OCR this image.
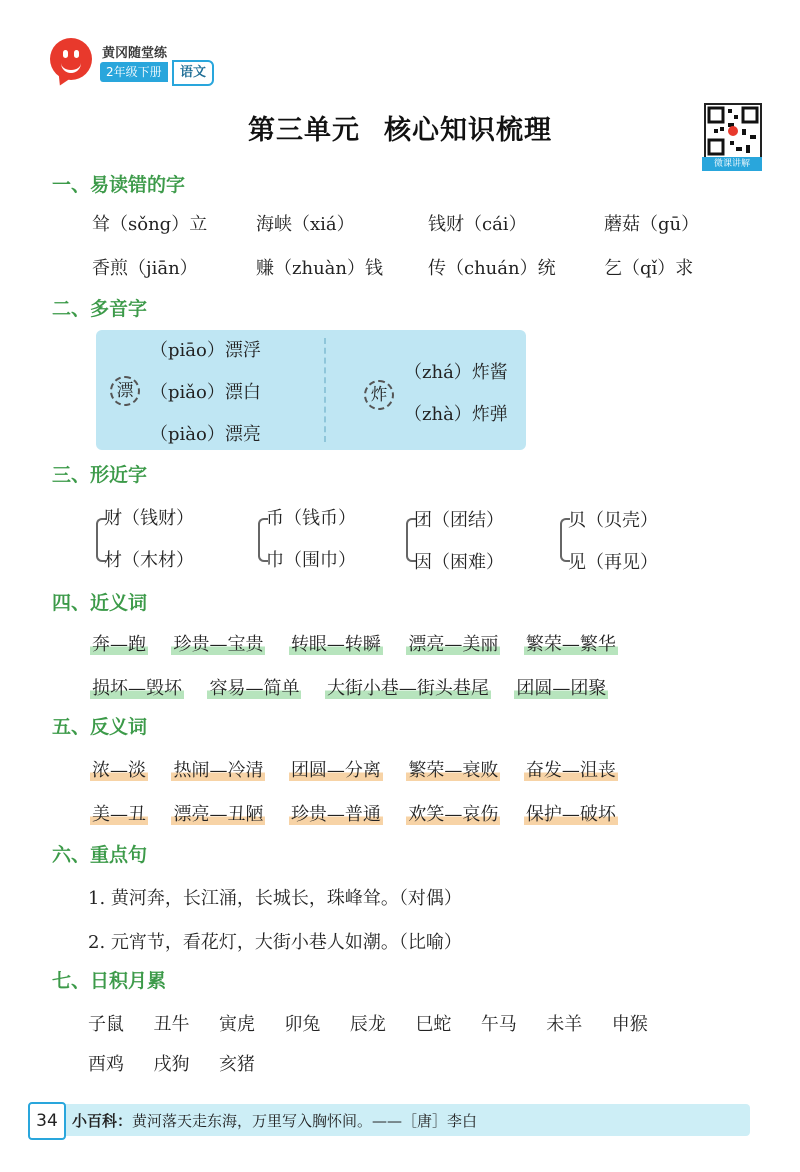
黄冈随堂练
2年级下册	语文
第三单元 核心知识梳理
微课讲解
一、易读错的字
耸（sǒng）立	海峡（xiá）	钱财（cái）	蘑菇（gū）
香煎（jiān）	赚（zhuàn）钱	传（chuán）统	乞（qǐ）求
二、多音字
漂
（piāo）漂浮
（piǎo）漂白
（piào）漂亮
炸
（zhá）炸酱
（zhà）炸弹
三、形近字
财（钱财）
材（木材）
币（钱币）
巾（围巾）
团（团结）
因（困难）
贝（贝壳）
见（再见）
四、近义词
奔—跑 珍贵—宝贵 转眼—转瞬 漂亮—美丽 繁荣—繁华
损坏—毁坏 容易—简单 大街小巷—街头巷尾 团圆—团聚
五、反义词
浓—淡 热闹—冷清 团圆—分离 繁荣—衰败 奋发—沮丧
美—丑 漂亮—丑陋 珍贵—普通 欢笑—哀伤 保护—破坏
六、重点句
1. 黄河奔，长江涌，长城长，珠峰耸。（对偶）
2. 元宵节，看花灯，大街小巷人如潮。（比喻）
七、日积月累
子鼠 丑牛 寅虎 卯兔 辰龙 巳蛇 午马 未羊 申猴
酉鸡 戌狗 亥猪
34 小百科：黄河落天走东海，万里写入胸怀间。——［唐］李白
